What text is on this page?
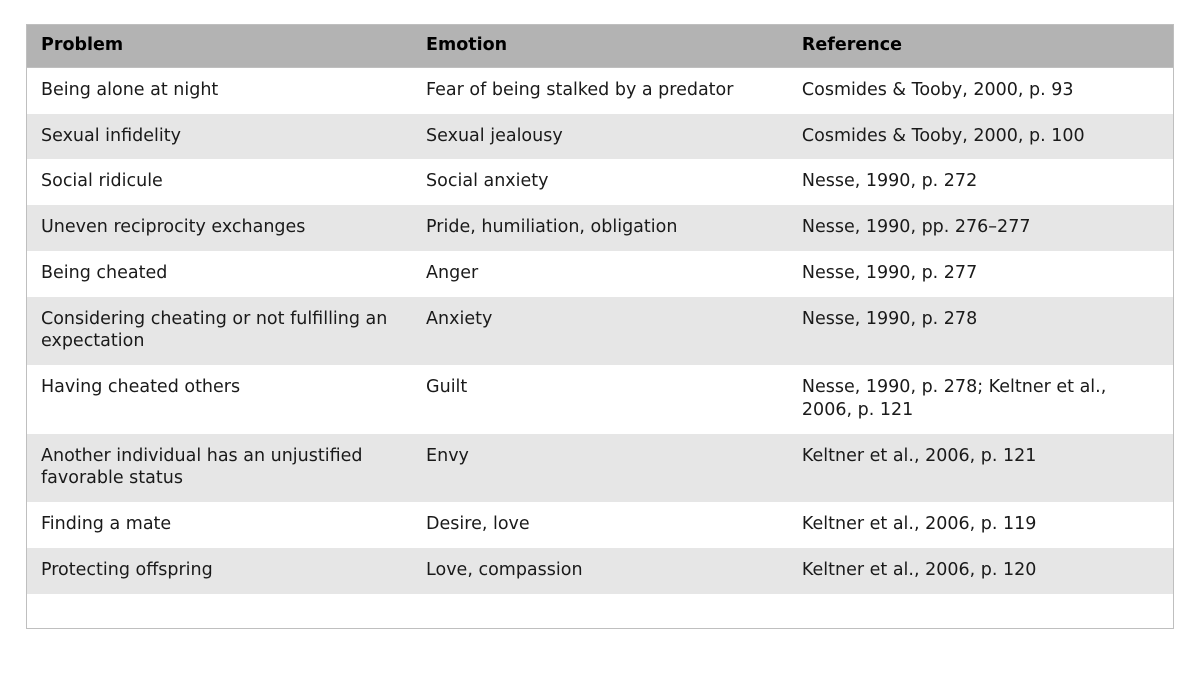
Problem	Emotion	Reference
Being alone at night	Fear of being stalked by a predator	Cosmides & Tooby, 2000, p. 93
Sexual infidelity	Sexual jealousy	Cosmides & Tooby, 2000, p. 100
Social ridicule	Social anxiety	Nesse, 1990, p. 272
Uneven reciprocity exchanges	Pride, humiliation, obligation	Nesse, 1990, pp. 276–277
Being cheated	Anger	Nesse, 1990, p. 277
Considering cheating or not fulfilling an expectation	Anxiety	Nesse, 1990, p. 278
Having cheated others	Guilt	Nesse, 1990, p. 278; Keltner et al., 2006, p. 121
Another individual has an unjustified favorable status	Envy	Keltner et al., 2006, p. 121
Finding a mate	Desire, love	Keltner et al., 2006, p. 119
Protecting offspring	Love, compassion	Keltner et al., 2006, p. 120
